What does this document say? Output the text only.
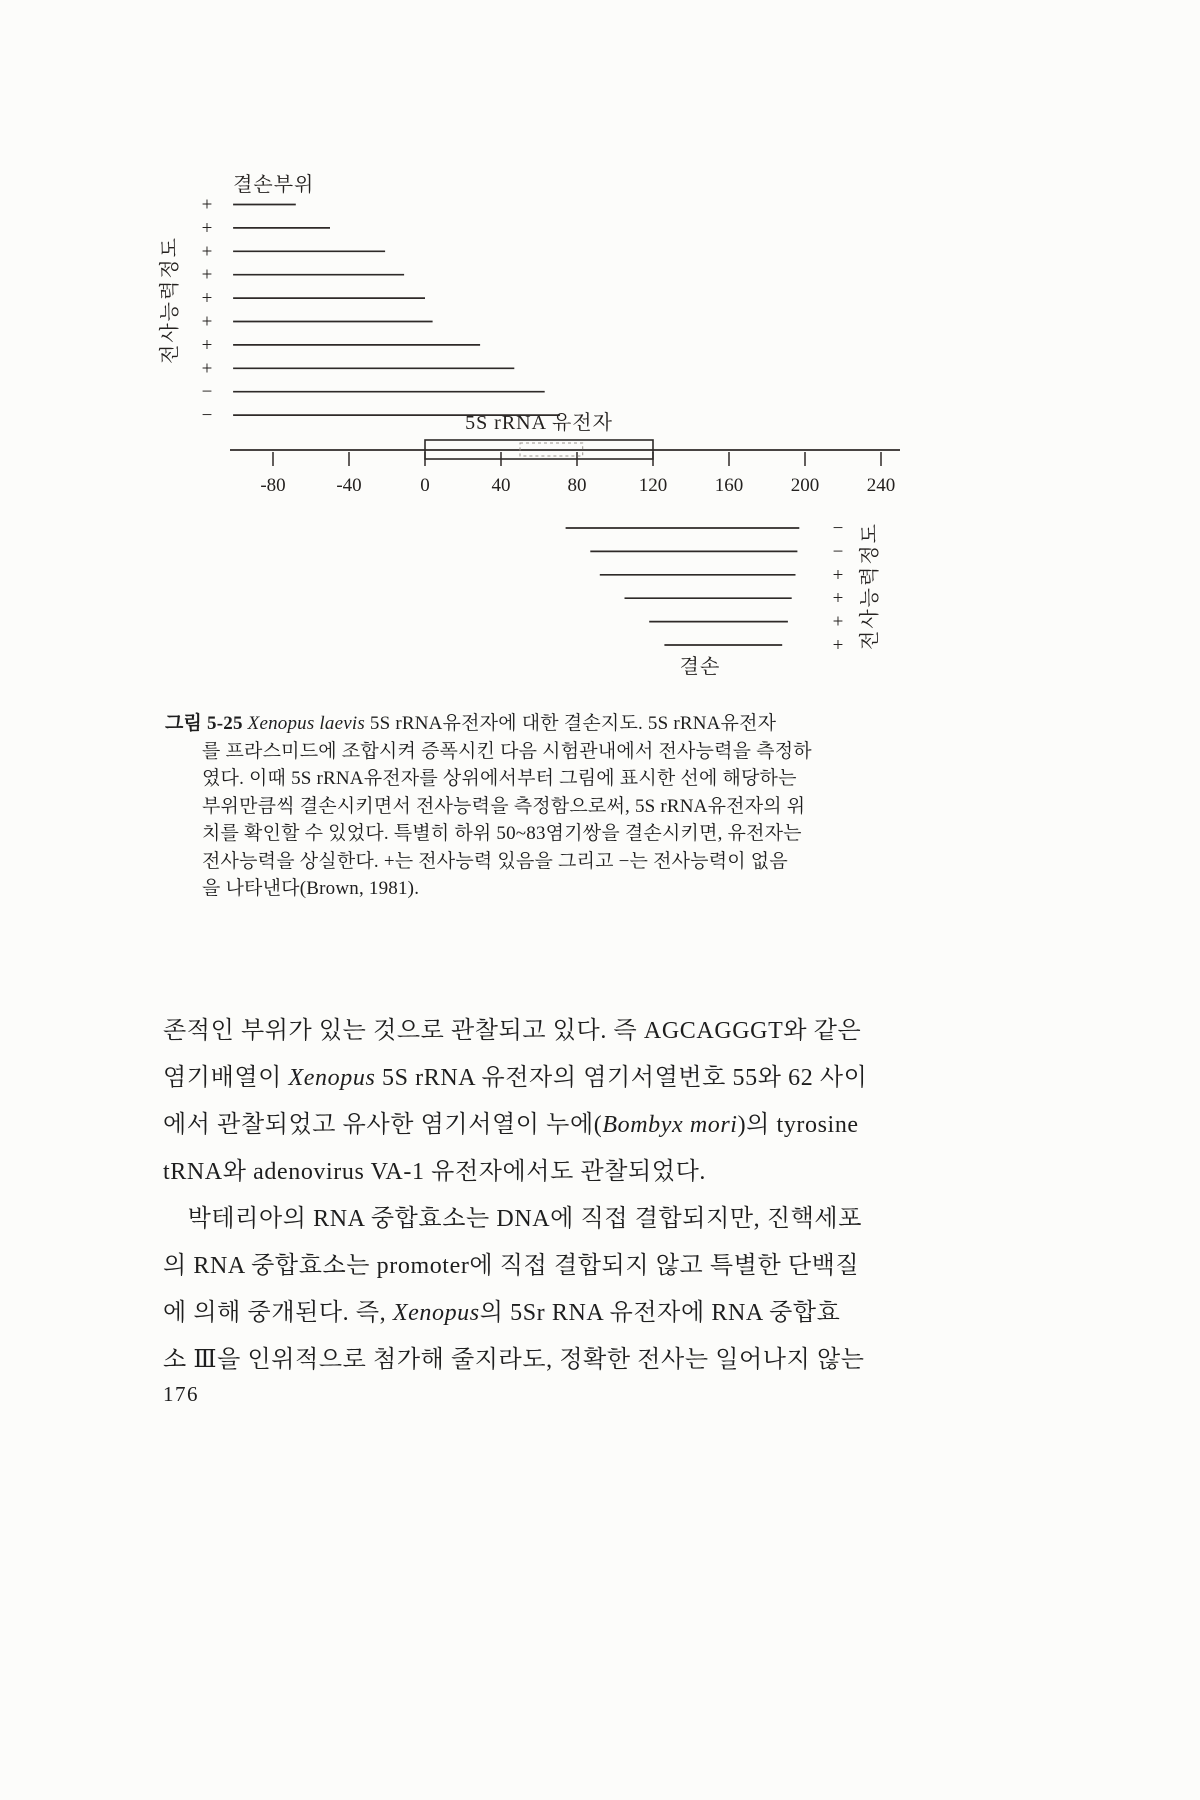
결손부위
+
+
+
+
+
+
+
+
−
−
전사능력정도
-80	-40	0	40	80	120	160	200	240
5S rRNA 유전자
−
−
+
+
+
+ 전사능력정도
결손
그림 5-25 Xenopus laevis 5S rRNA유전자에 대한 결손지도. 5S rRNA유전자
를 프라스미드에 조합시켜 증폭시킨 다음 시험관내에서 전사능력을 측정하
였다. 이때 5S rRNA유전자를 상위에서부터 그림에 표시한 선에 해당하는
부위만큼씩 결손시키면서 전사능력을 측정함으로써, 5S rRNA유전자의 위
치를 확인할 수 있었다. 특별히 하위 50~83염기쌍을 결손시키면, 유전자는
전사능력을 상실한다. +는 전사능력 있음을 그리고 −는 전사능력이 없음
을 나타낸다(Brown, 1981).
존적인 부위가 있는 것으로 관찰되고 있다. 즉 AGCAGGGT와 같은
염기배열이 Xenopus 5S rRNA 유전자의 염기서열번호 55와 62 사이
에서 관찰되었고 유사한 염기서열이 누에(Bombyx mori)의 tyrosine
tRNA와 adenovirus VA-1 유전자에서도 관찰되었다.
　박테리아의 RNA 중합효소는 DNA에 직접 결합되지만, 진핵세포
의 RNA 중합효소는 promoter에 직접 결합되지 않고 특별한 단백질
에 의해 중개된다. 즉, Xenopus의 5Sr RNA 유전자에 RNA 중합효
소 Ⅲ을 인위적으로 첨가해 줄지라도, 정확한 전사는 일어나지 않는
176
